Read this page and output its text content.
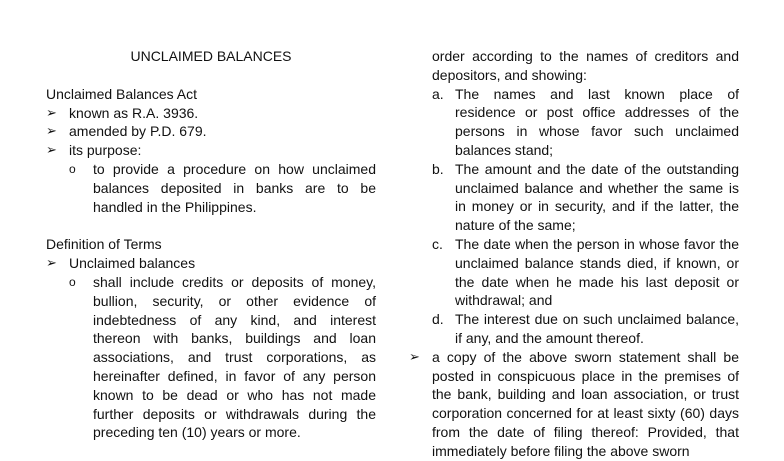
UNCLAIMED BALANCES
Unclaimed Balances Act
➢ known as R.A. 3936.
➢ amended by P.D. 679.
➢ its purpose:
o to provide a procedure on how unclaimed balances deposited in banks are to be handled in the Philippines.
Definition of Terms
➢ Unclaimed balances
o shall include credits or deposits of money, bullion, security, or other evidence of indebtedness of any kind, and interest thereon with banks, buildings and loan associations, and trust corporations, as hereinafter defined, in favor of any person known to be dead or who has not made further deposits or withdrawals during the preceding ten (10) years or more.
order according to the names of creditors and depositors, and showing:
a. The names and last known place of residence or post office addresses of the persons in whose favor such unclaimed balances stand;
b. The amount and the date of the outstanding unclaimed balance and whether the same is in money or in security, and if the latter, the nature of the same;
c. The date when the person in whose favor the unclaimed balance stands died, if known, or the date when he made his last deposit or withdrawal; and
d. The interest due on such unclaimed balance, if any, and the amount thereof.
➢ a copy of the above sworn statement shall be posted in conspicuous place in the premises of the bank, building and loan association, or trust corporation concerned for at least sixty (60) days from the date of filing thereof: Provided, that immediately before filing the above sworn
